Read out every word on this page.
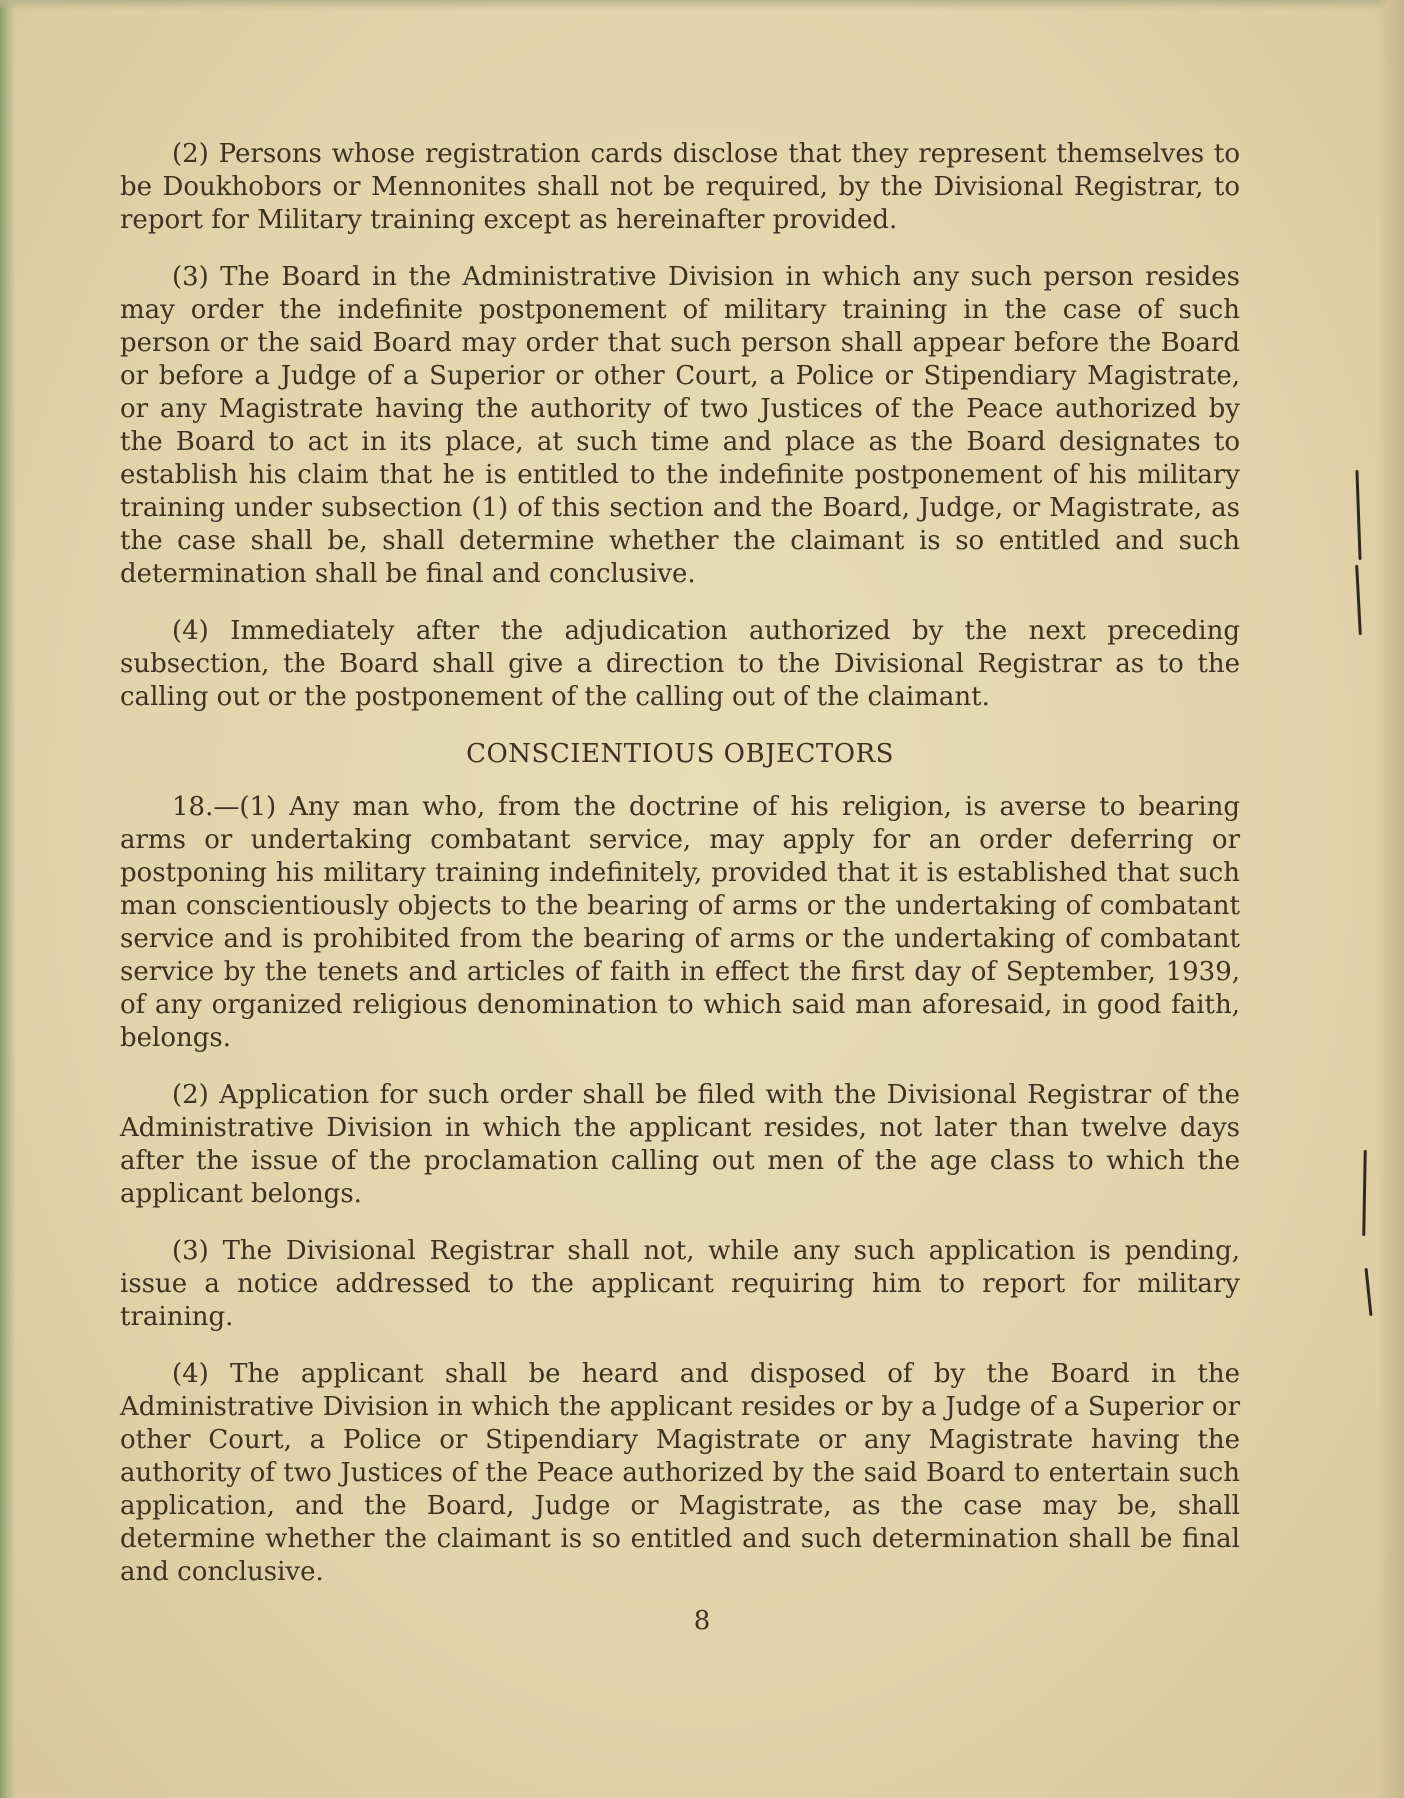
(2) Persons whose registration cards disclose that they represent themselves to be Doukhobors or Mennonites shall not be required, by the Divisional Registrar, to report for Military training except as hereinafter provided.

(3) The Board in the Administrative Division in which any such person resides may order the indefinite postponement of military training in the case of such person or the said Board may order that such person shall appear before the Board or before a Judge of a Superior or other Court, a Police or Stipendiary Magistrate, or any Magistrate having the authority of two Justices of the Peace authorized by the Board to act in its place, at such time and place as the Board designates to establish his claim that he is entitled to the indefinite postponement of his military training under subsection (1) of this section and the Board, Judge, or Magistrate, as the case shall be, shall determine whether the claimant is so entitled and such determination shall be final and conclusive.

(4) Immediately after the adjudication authorized by the next preceding subsection, the Board shall give a direction to the Divisional Registrar as to the calling out or the postponement of the calling out of the claimant.

CONSCIENTIOUS OBJECTORS

18.—(1) Any man who, from the doctrine of his religion, is averse to bearing arms or undertaking combatant service, may apply for an order deferring or postponing his military training indefinitely, provided that it is established that such man conscientiously objects to the bearing of arms or the undertaking of combatant service and is prohibited from the bearing of arms or the undertaking of combatant service by the tenets and articles of faith in effect the first day of September, 1939, of any organized religious denomination to which said man aforesaid, in good faith, belongs.

(2) Application for such order shall be filed with the Divisional Registrar of the Administrative Division in which the applicant resides, not later than twelve days after the issue of the proclamation calling out men of the age class to which the applicant belongs.

(3) The Divisional Registrar shall not, while any such application is pending, issue a notice addressed to the applicant requiring him to report for military training.

(4) The applicant shall be heard and disposed of by the Board in the Administrative Division in which the applicant resides or by a Judge of a Superior or other Court, a Police or Stipendiary Magistrate or any Magistrate having the authority of two Justices of the Peace authorized by the said Board to entertain such application, and the Board, Judge or Magistrate, as the case may be, shall determine whether the claimant is so entitled and such determination shall be final and conclusive.

8
